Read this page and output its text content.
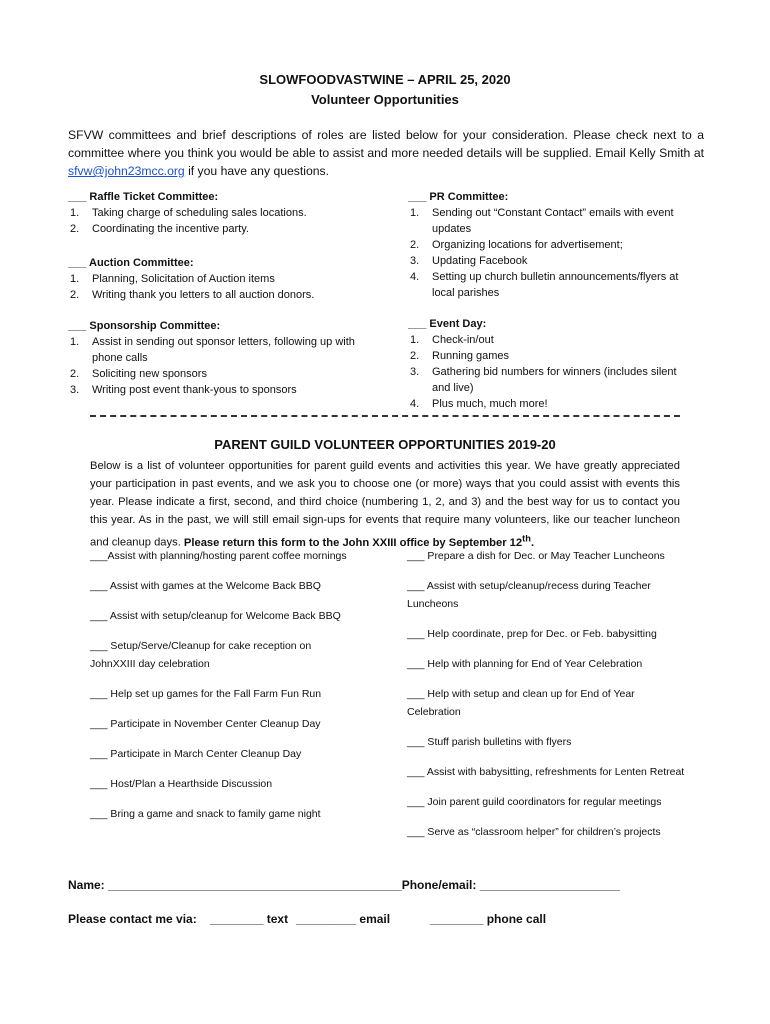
SLOWFOODVASTWINE – APRIL 25, 2020
Volunteer Opportunities
SFVW committees and brief descriptions of roles are listed below for your consideration. Please check next to a committee where you think you would be able to assist and more needed details will be supplied. Email Kelly Smith at sfvw@john23mcc.org if you have any questions.
___ Raffle Ticket Committee:
1. Taking charge of scheduling sales locations.
2. Coordinating the incentive party.
___ Auction Committee:
1. Planning, Solicitation of Auction items
2. Writing thank you letters to all auction donors.
___ Sponsorship Committee:
1. Assist in sending out sponsor letters, following up with phone calls
2. Soliciting new sponsors
3. Writing post event thank-yous to sponsors
___ PR Committee:
1. Sending out “Constant Contact” emails with event updates
2. Organizing locations for advertisement;
3. Updating Facebook
4. Setting up church bulletin announcements/flyers at local parishes
___ Event Day:
1. Check-in/out
2. Running games
3. Gathering bid numbers for winners (includes silent and live)
4. Plus much, much more!
PARENT GUILD VOLUNTEER OPPORTUNITIES 2019-20
Below is a list of volunteer opportunities for parent guild events and activities this year. We have greatly appreciated your participation in past events, and we ask you to choose one (or more) ways that you could assist with events this year. Please indicate a first, second, and third choice (numbering 1, 2, and 3) and the best way for us to contact you this year. As in the past, we will still email sign-ups for events that require many volunteers, like our teacher luncheon and cleanup days. Please return this form to the John XXIII office by September 12th.
___Assist with planning/hosting parent coffee mornings
___ Assist with games at the Welcome Back BBQ
___ Assist with setup/cleanup for Welcome Back BBQ
___ Setup/Serve/Cleanup for cake reception on JohnXXIII day celebration
___ Help set up games for the Fall Farm Fun Run
___ Participate in November Center Cleanup Day
___ Participate in March Center Cleanup Day
___ Host/Plan a Hearthside Discussion
___ Bring a game and snack to family game night
___ Prepare a dish for Dec. or May Teacher Luncheons
___ Assist with setup/cleanup/recess during Teacher Luncheons
___ Help coordinate, prep for Dec. or Feb. babysitting
___ Help with planning for End of Year Celebration
___ Help with setup and clean up for End of Year Celebration
___ Stuff parish bulletins with flyers
___ Assist with babysitting, refreshments for Lenten Retreat
___ Join parent guild coordinators for regular meetings
___ Serve as “classroom helper” for children’s projects
Name: ____________________________________________Phone/email: _____________________
Please contact me via: ________ text _________ email	________ phone call
